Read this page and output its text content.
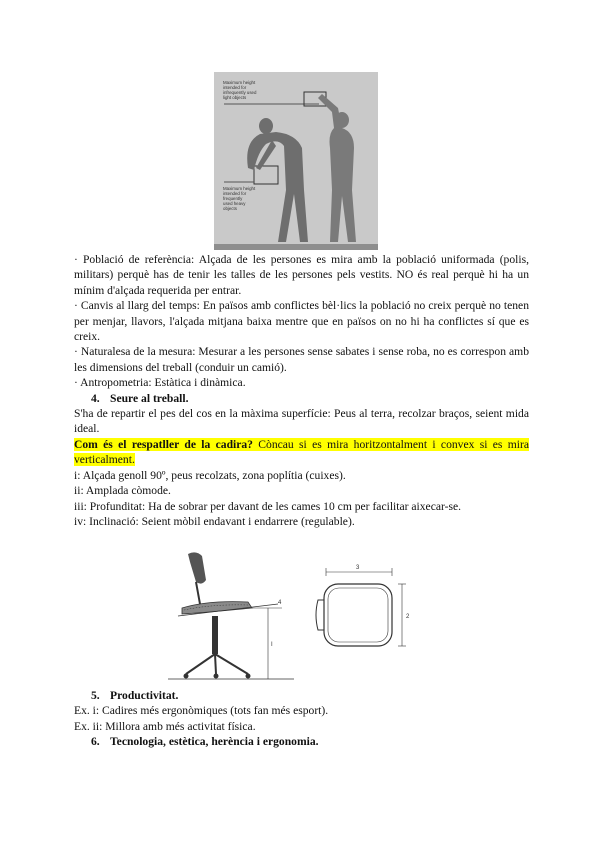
Maximum height
intended for
infrequently used
light objects
Maximum height
intended for
frequently
used heavy
objects

· Població de referència: Alçada de les persones es mira amb la població uniformada (polis, militars) perquè has de tenir les talles de les persones pels vestits. NO és real perquè hi ha un mínim d'alçada requerida per entrar.

· Canvis al llarg del temps: En països amb conflictes bèl·lics la població no creix perquè no tenen per menjar, llavors, l'alçada mitjana baixa mentre que en països on no hi ha conflictes sí que es creix.

· Naturalesa de la mesura: Mesurar a les persones sense sabates i sense roba, no es correspon amb les dimensions del treball (conduir un camió).

· Antropometria: Estàtica i dinàmica.

4. Seure al treball.

S'ha de repartir el pes del cos en la màxima superfície: Peus al terra, recolzar braços, seient mida ideal.

Com és el respatller de la cadira? Còncau si es mira horitzontalment i convex si es mira verticalment.

i: Alçada genoll 90º, peus recolzats, zona poplítia (cuixes).

ii: Amplada còmode.

iii: Profunditat: Ha de sobrar per davant de les cames 10 cm per facilitar aixecar-se.

iv: Inclinació: Seient mòbil endavant i endarrere (regulable).

4
I
3
2

5. Productivitat.

Ex. i: Cadires més ergonòmiques (tots fan més esport).

Ex. ii: Millora amb més activitat física.

6. Tecnologia, estètica, herència i ergonomia.
